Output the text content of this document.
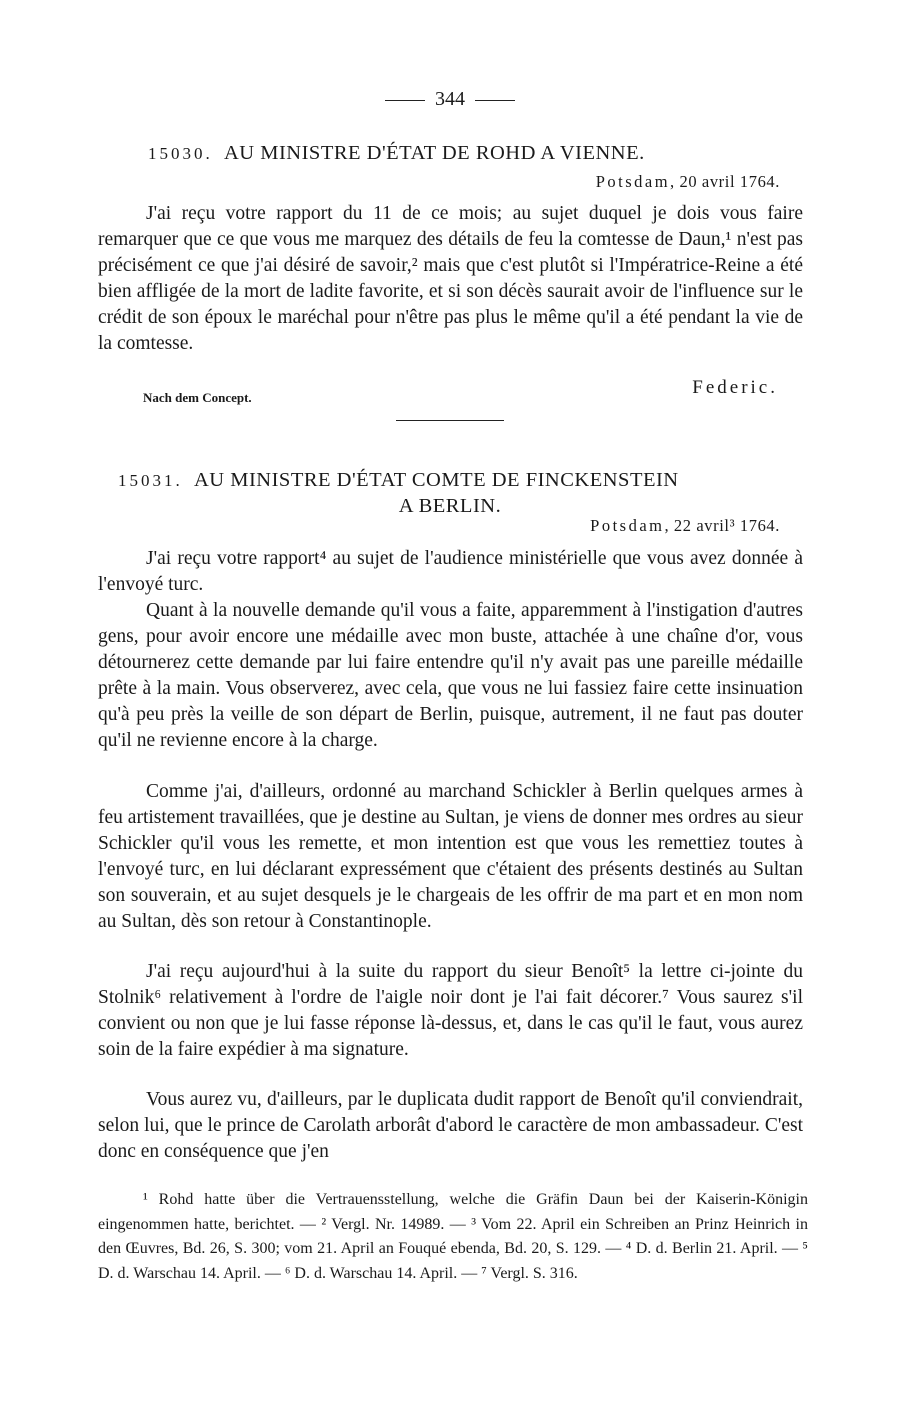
344
15030. AU MINISTRE D'ÉTAT DE ROHD A VIENNE.
Potsdam, 20 avril 1764.

J'ai reçu votre rapport du 11 de ce mois; au sujet duquel je dois vous faire remarquer que ce que vous me marquez des détails de feu la comtesse de Daun,¹ n'est pas précisément ce que j'ai désiré de savoir,² mais que c'est plutôt si l'Impératrice-Reine a été bien affligée de la mort de ladite favorite, et si son décès saurait avoir de l'influence sur le crédit de son époux le maréchal pour n'être pas plus le même qu'il a été pendant la vie de la comtesse.

Nach dem Concept.	Federic.
15031. AU MINISTRE D'ÉTAT COMTE DE FINCKENSTEIN
A BERLIN.
Potsdam, 22 avril³ 1764.

J'ai reçu votre rapport⁴ au sujet de l'audience ministérielle que vous avez donnée à l'envoyé turc.

Quant à la nouvelle demande qu'il vous a faite, apparemment à l'instigation d'autres gens, pour avoir encore une médaille avec mon buste, attachée à une chaîne d'or, vous détournerez cette demande par lui faire entendre qu'il n'y avait pas une pareille médaille prête à la main. Vous observerez, avec cela, que vous ne lui fassiez faire cette insinuation qu'à peu près la veille de son départ de Berlin, puisque, autrement, il ne faut pas douter qu'il ne revienne encore à la charge.

Comme j'ai, d'ailleurs, ordonné au marchand Schickler à Berlin quelques armes à feu artistement travaillées, que je destine au Sultan, je viens de donner mes ordres au sieur Schickler qu'il vous les remette, et mon intention est que vous les remettiez toutes à l'envoyé turc, en lui déclarant expressément que c'étaient des présents destinés au Sultan son souverain, et au sujet desquels je le chargeais de les offrir de ma part et en mon nom au Sultan, dès son retour à Constantinople.

J'ai reçu aujourd'hui à la suite du rapport du sieur Benoît⁵ la lettre ci-jointe du Stolnik⁶ relativement à l'ordre de l'aigle noir dont je l'ai fait décorer.⁷ Vous saurez s'il convient ou non que je lui fasse réponse là-dessus, et, dans le cas qu'il le faut, vous aurez soin de la faire expédier à ma signature.

Vous aurez vu, d'ailleurs, par le duplicata dudit rapport de Benoît qu'il conviendrait, selon lui, que le prince de Carolath arborât d'abord le caractère de mon ambassadeur. C'est donc en conséquence que j'en

¹ Rohd hatte über die Vertrauensstellung, welche die Gräfin Daun bei der Kaiserin-Königin eingenommen hatte, berichtet. — ² Vergl. Nr. 14989. — ³ Vom 22. April ein Schreiben an Prinz Heinrich in den Œuvres, Bd. 26, S. 300; vom 21. April an Fouqué ebenda, Bd. 20, S. 129. — ⁴ D. d. Berlin 21. April. — ⁵ D. d. Warschau 14. April. — ⁶ D. d. Warschau 14. April. — ⁷ Vergl. S. 316.
